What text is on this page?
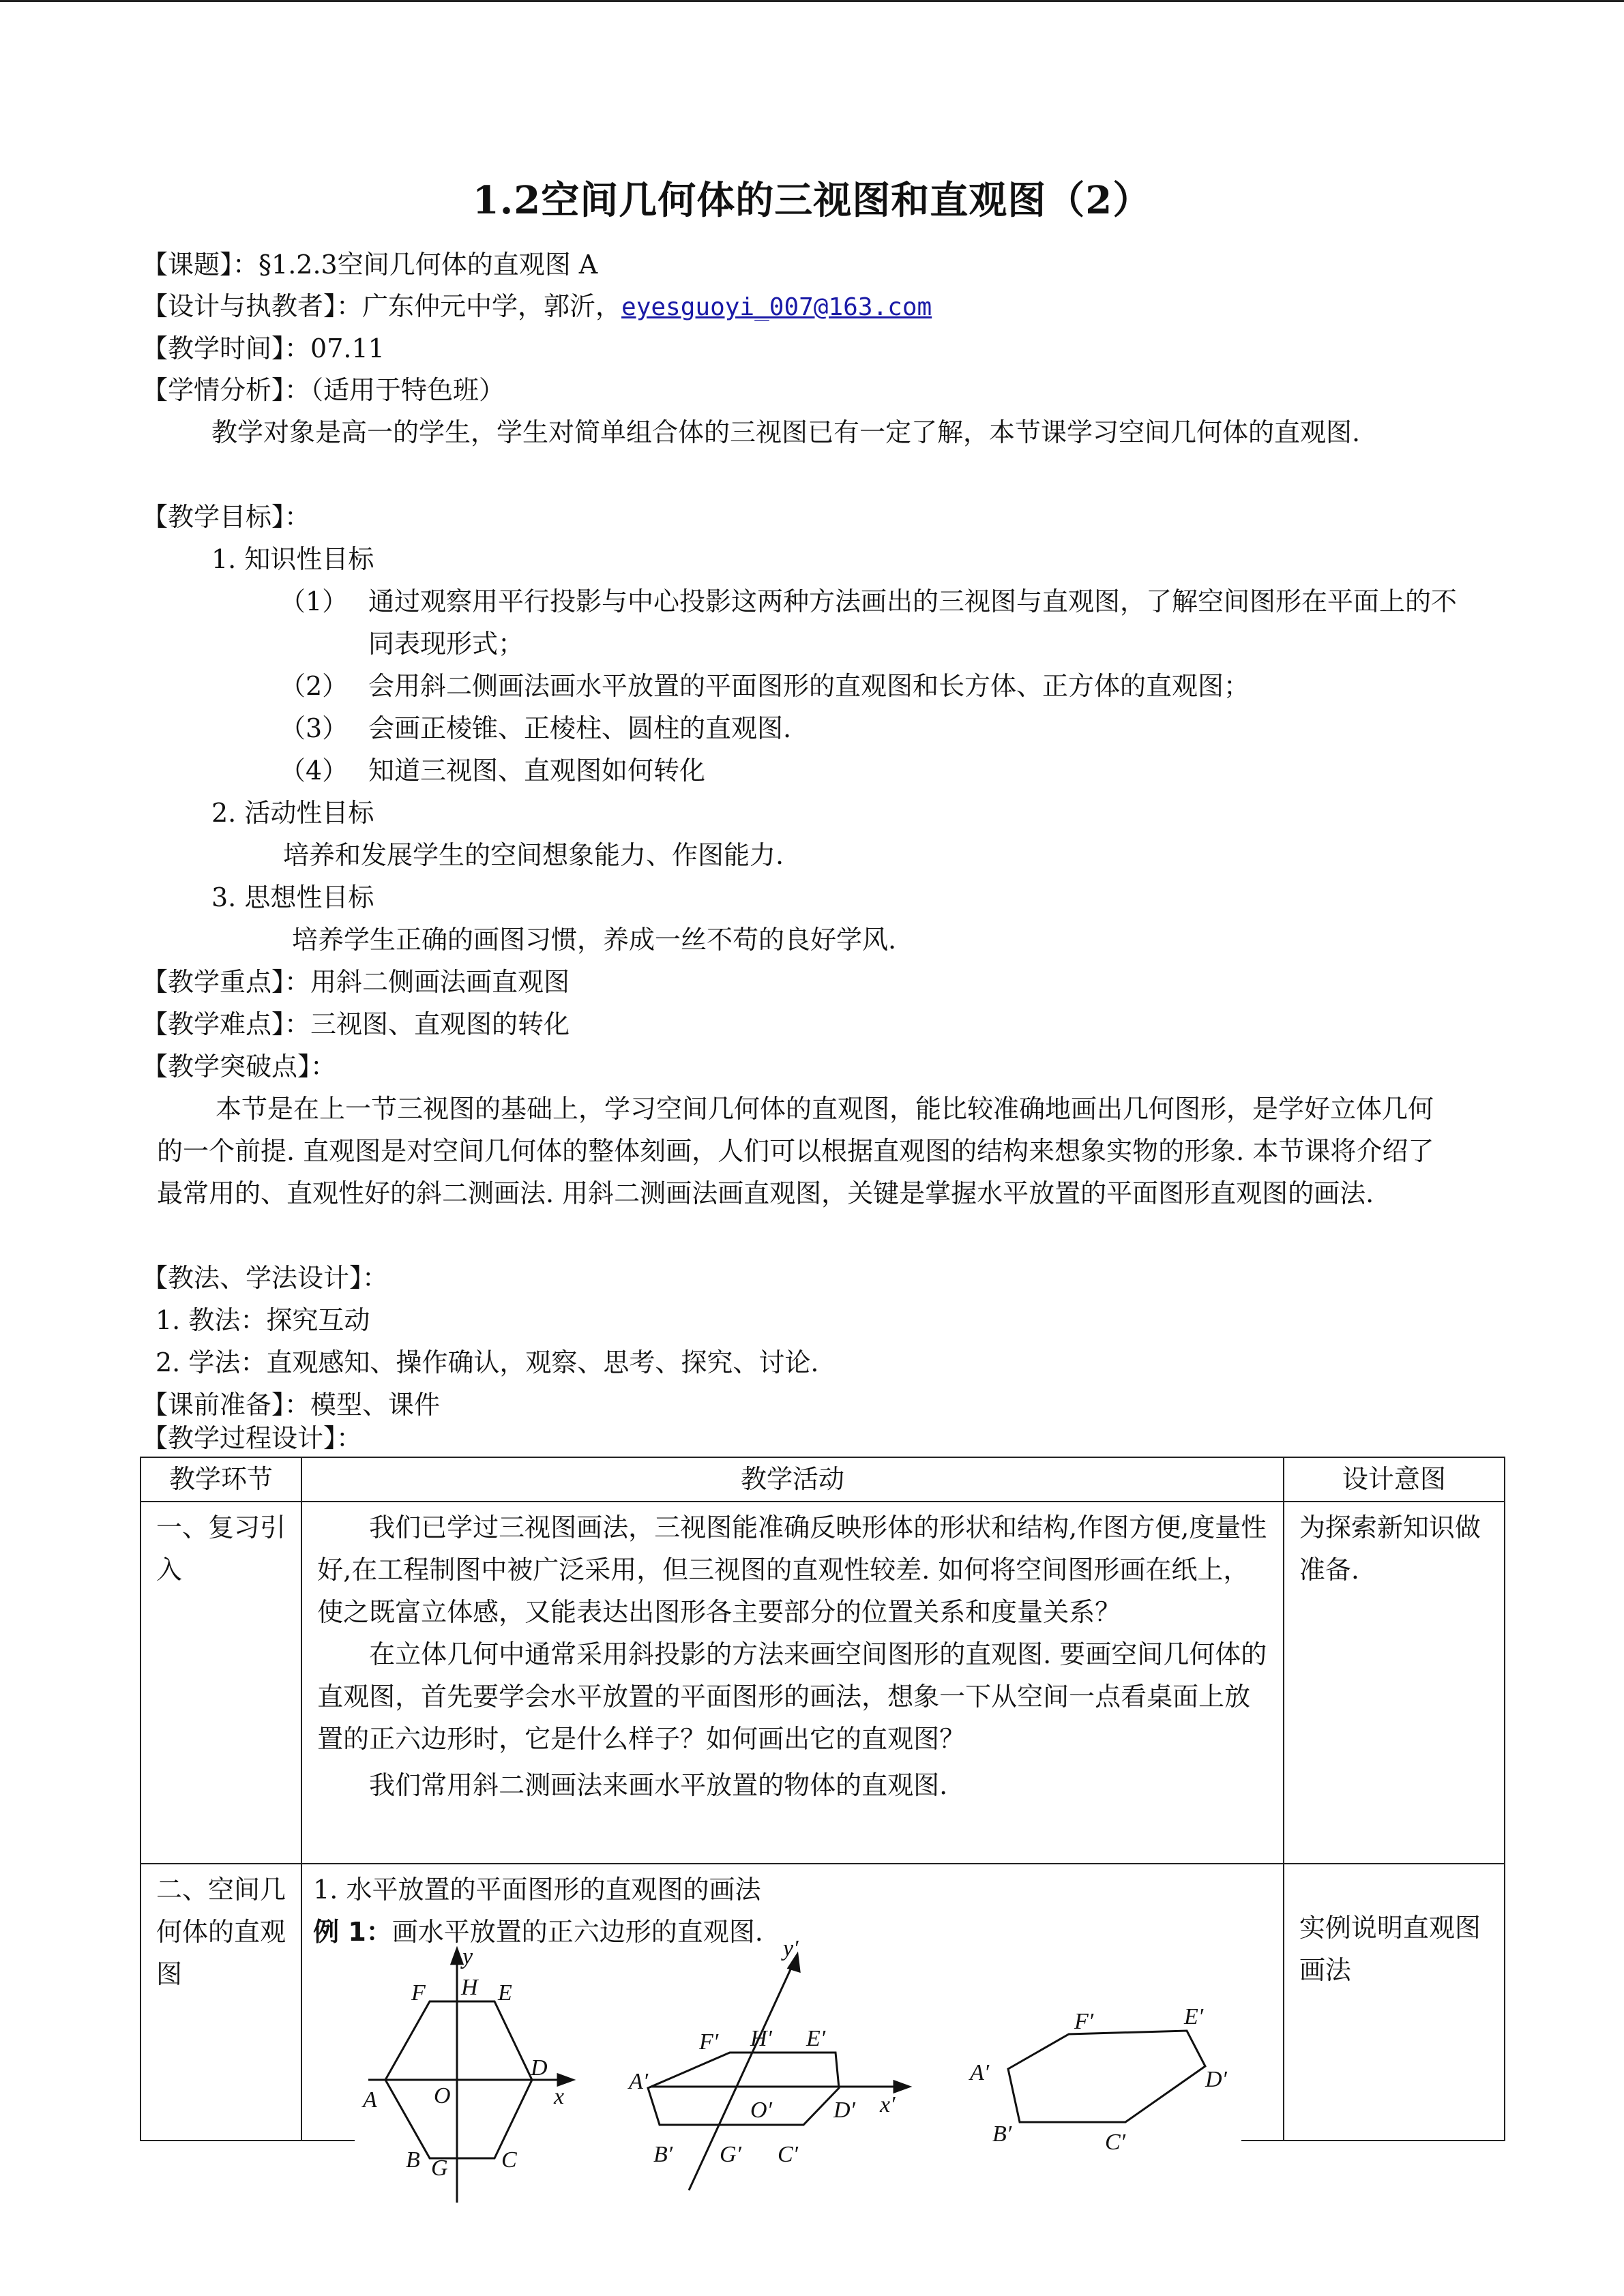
1.2空间几何体的三视图和直观图（2）
【课题】：§1.2.3空间几何体的直观图 A
【设计与执教者】：广东仲元中学，郭沂，eyesguoyi_007@163.com
【教学时间】：07.11
【学情分析】：（适用于特色班）
教学对象是高一的学生，学生对简单组合体的三视图已有一定了解，本节课学习空间几何体的直观图.
【教学目标】：
1. 知识性目标
（1） 通过观察用平行投影与中心投影这两种方法画出的三视图与直观图，了解空间图形在平面上的不同表现形式；
（2） 会用斜二侧画法画水平放置的平面图形的直观图和长方体、正方体的直观图；
（3） 会画正棱锥、正棱柱、圆柱的直观图.
（4） 知道三视图、直观图如何转化
2. 活动性目标
培养和发展学生的空间想象能力、作图能力.
3. 思想性目标
培养学生正确的画图习惯，养成一丝不苟的良好学风.
【教学重点】：用斜二侧画法画直观图
【教学难点】：三视图、直观图的转化
【教学突破点】：
本节是在上一节三视图的基础上，学习空间几何体的直观图，能比较准确地画出几何图形，是学好立体几何的一个前提. 直观图是对空间几何体的整体刻画，人们可以根据直观图的结构来想象实物的形象. 本节课将介绍了最常用的、直观性好的斜二测画法. 用斜二测画法画直观图，关键是掌握水平放置的平面图形直观图的画法.
【教法、学法设计】：
1. 教法：探究互动
2. 学法：直观感知、操作确认，观察、思考、探究、讨论.
【课前准备】：模型、课件
【教学过程设计】：
教学环节	教学活动	设计意图
一、复习引入	我们已学过三视图画法，三视图能准确反映形体的形状和结构,作图方便,度量性好,在工程制图中被广泛采用，但三视图的直观性较差. 如何将空间图形画在纸上，使之既富立体感，又能表达出图形各主要部分的位置关系和度量关系？

在立体几何中通常采用斜投影的方法来画空间图形的直观图. 要画空间几何体的直观图，首先要学会水平放置的平面图形的画法，想象一下从空间一点看桌面上放置的正六边形时，它是什么样子？如何画出它的直观图？

我们常用斜二测画法来画水平放置的物体的直观图.	为探索新知识做准备.
二、空间几何体的直观图	1. 水平放置的平面图形的直观图的画法
例 1：画水平放置的正六边形的直观图.	实例说明直观图画法
y
x
F H E
A O
D
B G C
y′
x′
F′ H′ E′
A′
O′	D′
B′ G′ C′
F′	E′
A′	D′
B′	C′
